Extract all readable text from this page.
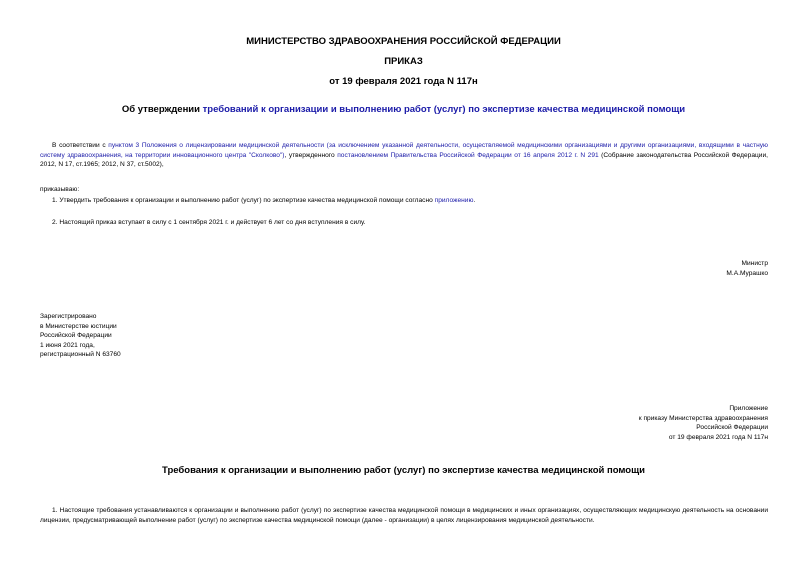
МИНИСТЕРСТВО ЗДРАВООХРАНЕНИЯ РОССИЙСКОЙ ФЕДЕРАЦИИ
ПРИКАЗ
от 19 февраля 2021 года N 117н
Об утверждении требований к организации и выполнению работ (услуг) по экспертизе качества медицинской помощи
В соответствии с пунктом 3 Положения о лицензировании медицинской деятельности (за исключением указанной деятельности, осуществляемой медицинскими организациями и другими организациями, входящими в частную систему здравоохранения, на территории инновационного центра "Сколково"), утвержденного постановлением Правительства Российской Федерации от 16 апреля 2012 г. N 291 (Собрание законодательства Российской Федерации, 2012, N 17, ст.1965; 2012, N 37, ст.5002),
приказываю:
1. Утвердить требования к организации и выполнению работ (услуг) по экспертизе качества медицинской помощи согласно приложению.
2. Настоящий приказ вступает в силу с 1 сентября 2021 г. и действует 6 лет со дня вступления в силу.
Министр
М.А.Мурашко
Зарегистрировано
в Министерстве юстиции
Российской Федерации
1 июня 2021 года,
регистрационный N 63760
Приложение
к приказу Министерства здравоохранения
Российской Федерации
от 19 февраля 2021 года N 117н
Требования к организации и выполнению работ (услуг) по экспертизе качества медицинской помощи
1. Настоящие требования устанавливаются к организации и выполнению работ (услуг) по экспертизе качества медицинской помощи в медицинских и иных организациях, осуществляющих медицинскую деятельность на основании лицензии, предусматривающей выполнение работ (услуг) по экспертизе качества медицинской помощи (далее - организации) в целях лицензирования медицинской деятельности.
